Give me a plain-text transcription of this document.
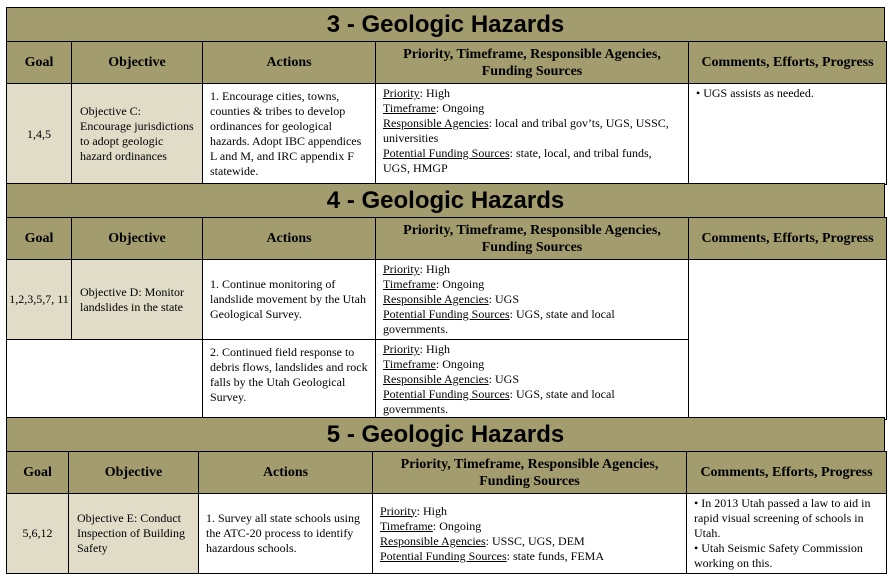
3 - Geologic Hazards
Goal	Objective	Actions	Priority, Timeframe, Responsible Agencies, Funding Sources	Comments, Efforts, Progress
1,4,5	Objective C: Encourage jurisdictions to adopt geologic hazard ordinances	1. Encourage cities, towns, counties & tribes to develop ordinances for geological hazards. Adopt IBC appendices L and M, and IRC appendix F statewide.	Priority: High
Timeframe: Ongoing
Responsible Agencies: local and tribal gov’ts, UGS, USSC, universities
Potential Funding Sources: state, local, and tribal funds, UGS, HMGP	• UGS assists as needed.
4 - Geologic Hazards
Goal	Objective	Actions	Priority, Timeframe, Responsible Agencies, Funding Sources	Comments, Efforts, Progress
1,2,3,5,7, 11	Objective D: Monitor landslides in the state	1. Continue monitoring of landslide movement by the Utah Geological Survey.	Priority: High
Timeframe: Ongoing
Responsible Agencies: UGS
Potential Funding Sources: UGS, state and local governments.	

		2. Continued field response to debris flows, landslides and rock falls by the Utah Geological Survey.	Priority: High
Timeframe: Ongoing
Responsible Agencies: UGS
Potential Funding Sources: UGS, state and local governments.	
5 - Geologic Hazards
Goal	Objective	Actions	Priority, Timeframe, Responsible Agencies, Funding Sources	Comments, Efforts, Progress
5,6,12	Objective E: Conduct Inspection of Building Safety	1. Survey all state schools using the ATC-20 process to identify hazardous schools.	Priority: High
Timeframe: Ongoing
Responsible Agencies: USSC, UGS, DEM
Potential Funding Sources: state funds, FEMA	• In 2013 Utah passed a law to aid in rapid visual screening of schools in Utah.
• Utah Seismic Safety Commission working on this.
